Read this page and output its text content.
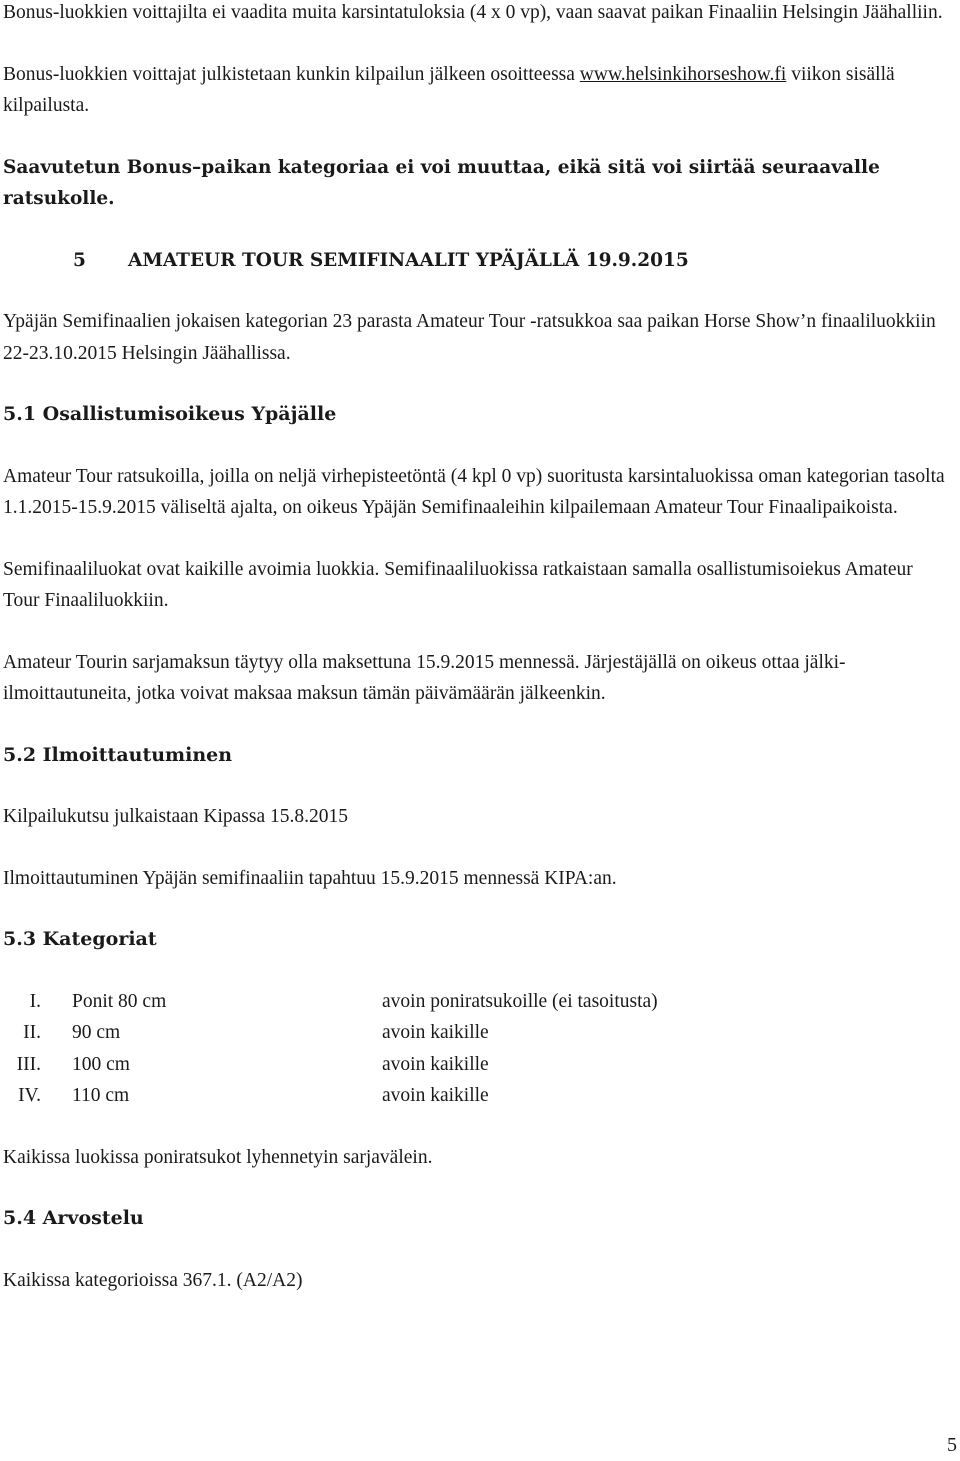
Bonus-luokkien voittajilta ei vaadita muita karsintatuloksia (4 x 0 vp), vaan saavat paikan Finaaliin Helsingin Jäähalliin.

Bonus-luokkien voittajat julkistetaan kunkin kilpailun jälkeen osoitteessa www.helsinkihorseshow.fi viikon sisällä kilpailusta.

Saavutetun Bonus–paikan kategoriaa ei voi muuttaa, eikä sitä voi siirtää seuraavalle ratsukolle.

5 AMATEUR TOUR SEMIFINAALIT YPÄJÄLLÄ 19.9.2015

Ypäjän Semifinaalien jokaisen kategorian 23 parasta Amateur Tour -ratsukkoa saa paikan Horse Show’n finaaliluokkiin 22-23.10.2015 Helsingin Jäähallissa.

5.1 Osallistumisoikeus Ypäjälle

Amateur Tour ratsukoilla, joilla on neljä virhepisteetöntä (4 kpl 0 vp) suoritusta karsintaluokissa oman kategorian tasolta 1.1.2015-15.9.2015 väliseltä ajalta, on oikeus Ypäjän Semifinaaleihin kilpailemaan Amateur Tour Finaalipaikoista.

Semifinaaliluokat ovat kaikille avoimia luokkia. Semifinaaliluokissa ratkaistaan samalla osallistumisoiekus Amateur Tour Finaaliluokkiin.

Amateur Tourin sarjamaksun täytyy olla maksettuna 15.9.2015 mennessä. Järjestäjällä on oikeus ottaa jälki-ilmoittautuneita, jotka voivat maksaa maksun tämän päivämäärän jälkeenkin.

5.2 Ilmoittautuminen

Kilpailukutsu julkaistaan Kipassa 15.8.2015

Ilmoittautuminen Ypäjän semifinaaliin tapahtuu 15.9.2015 mennessä KIPA:an.

5.3 Kategoriat

I.	Ponit 80 cm	avoin poniratsukoille (ei tasoitusta)
II.	90 cm	avoin kaikille
III.	100 cm	avoin kaikille
IV.	110 cm	avoin kaikille

Kaikissa luokissa poniratsukot lyhennetyin sarjavälein.

5.4 Arvostelu

Kaikissa kategorioissa 367.1. (A2/A2)

5
